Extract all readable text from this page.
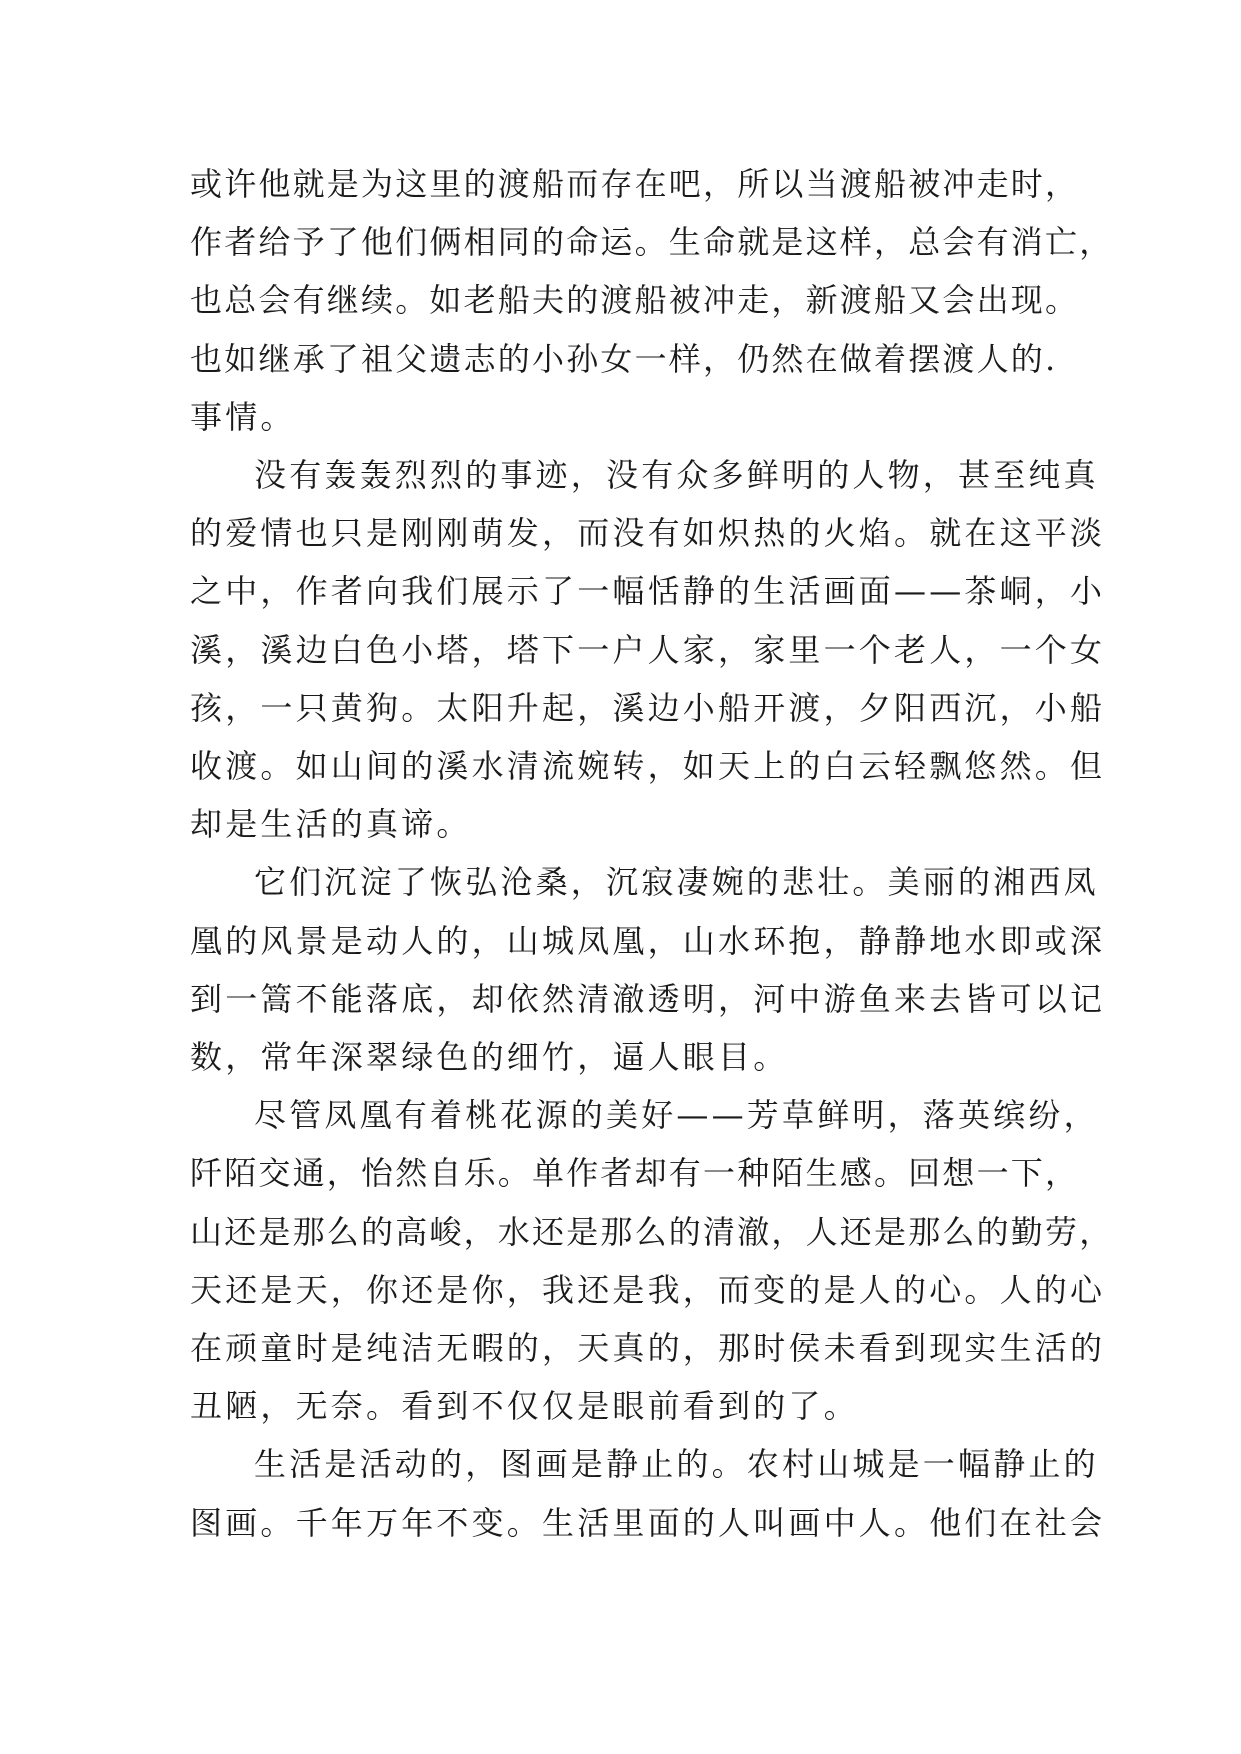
或许他就是为这里的渡船而存在吧，所以当渡船被冲走时，
作者给予了他们俩相同的命运。生命就是这样，总会有消亡，
也总会有继续。如老船夫的渡船被冲走，新渡船又会出现。
也如继承了祖父遗志的小孙女一样，仍然在做着摆渡人的.
事情。
没有轰轰烈烈的事迹，没有众多鲜明的人物，甚至纯真
的爱情也只是刚刚萌发，而没有如炽热的火焰。就在这平淡
之中，作者向我们展示了一幅恬静的生活画面——茶峒，小
溪，溪边白色小塔，塔下一户人家，家里一个老人，一个女
孩，一只黄狗。太阳升起，溪边小船开渡，夕阳西沉，小船
收渡。如山间的溪水清流婉转，如天上的白云轻飘悠然。但
却是生活的真谛。
它们沉淀了恢弘沧桑，沉寂凄婉的悲壮。美丽的湘西凤
凰的风景是动人的，山城凤凰，山水环抱，静静地水即或深
到一篙不能落底，却依然清澈透明，河中游鱼来去皆可以记
数，常年深翠绿色的细竹，逼人眼目。
尽管凤凰有着桃花源的美好——芳草鲜明，落英缤纷，
阡陌交通，怡然自乐。单作者却有一种陌生感。回想一下，
山还是那么的高峻，水还是那么的清澈，人还是那么的勤劳，
天还是天，你还是你，我还是我，而变的是人的心。人的心
在顽童时是纯洁无暇的，天真的，那时侯未看到现实生活的
丑陋，无奈。看到不仅仅是眼前看到的了。
生活是活动的，图画是静止的。农村山城是一幅静止的
图画。千年万年不变。生活里面的人叫画中人。他们在社会
